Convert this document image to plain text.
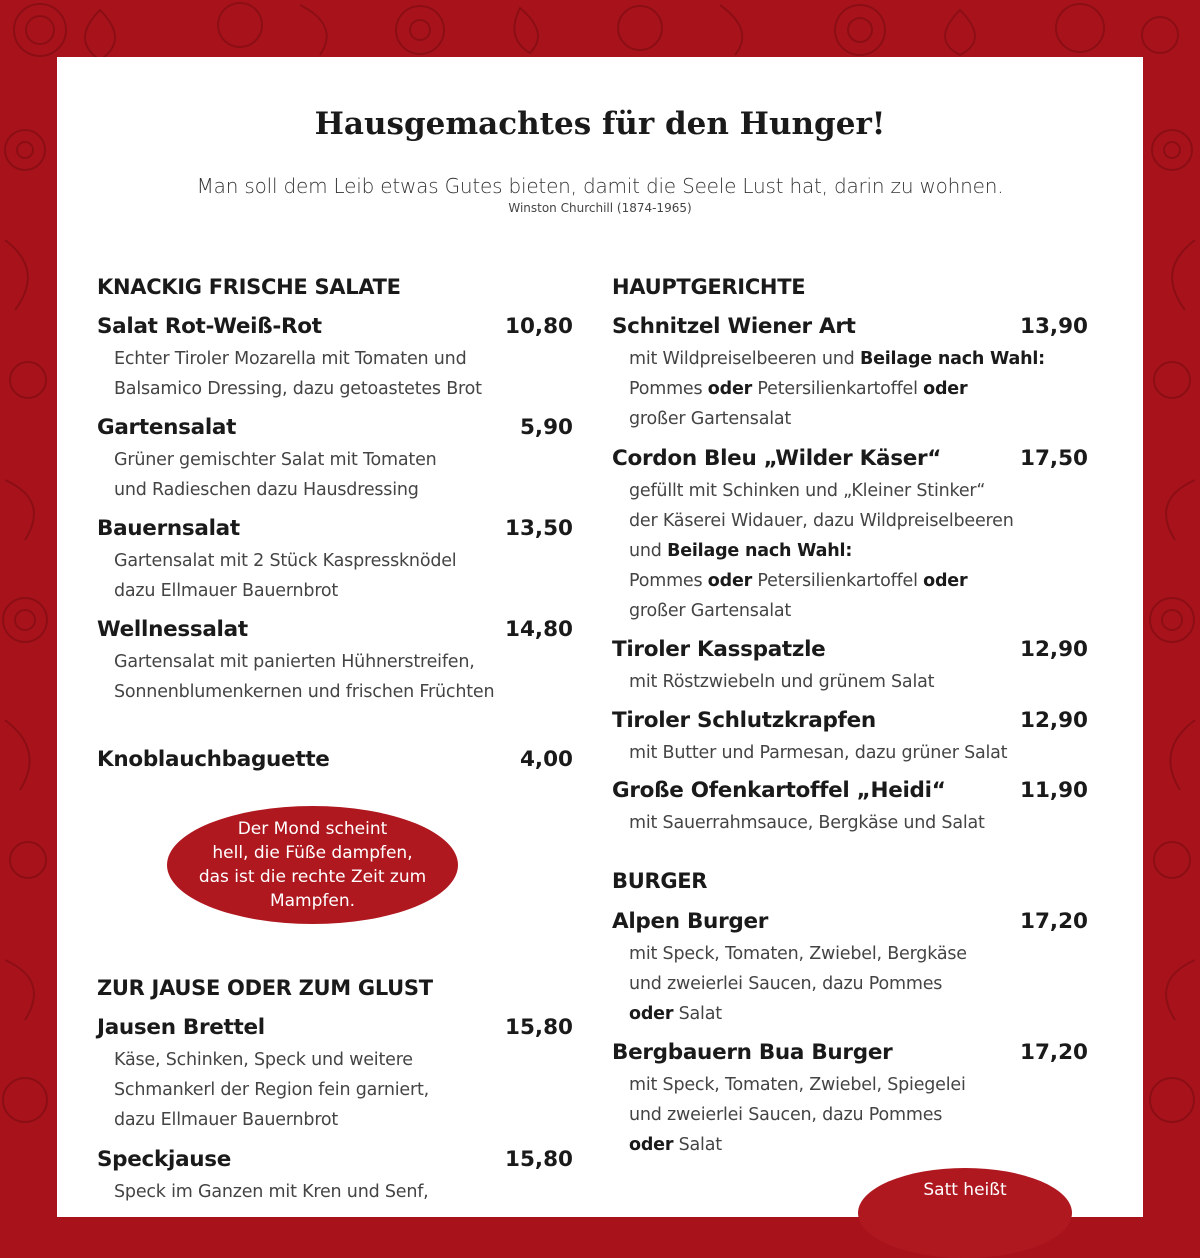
Hausgemachtes für den Hunger!
Man soll dem Leib etwas Gutes bieten, damit die Seele Lust hat, darin zu wohnen.
Winston Churchill (1874-1965)
KNACKIG FRISCHE SALATE
Salat Rot-Weiß-Rot	10,80
Echter Tiroler Mozarella mit Tomaten und
Balsamico Dressing, dazu getoastetes Brot
Gartensalat	5,90
Grüner gemischter Salat mit Tomaten
und Radieschen dazu Hausdressing
Bauernsalat	13,50
Gartensalat mit 2 Stück Kaspressknödel
dazu Ellmauer Bauernbrot
Wellnessalat	14,80
Gartensalat mit panierten Hühnerstreifen,
Sonnenblumenkernen und frischen Früchten
Knoblauchbaguette	4,00
Der Mond scheint
hell, die Füße dampfen,
das ist die rechte Zeit zum
Mampfen.
ZUR JAUSE ODER ZUM GLUST
Jausen Brettel	15,80
Käse, Schinken, Speck und weitere
Schmankerl der Region fein garniert,
dazu Ellmauer Bauernbrot
Speckjause	15,80
Speck im Ganzen mit Kren und Senf,
HAUPTGERICHTE
Schnitzel Wiener Art	13,90
mit Wildpreiselbeeren und Beilage nach Wahl:
Pommes oder Petersilienkartoffel oder
großer Gartensalat
Cordon Bleu „Wilder Käser“	17,50
gefüllt mit Schinken und „Kleiner Stinker“
der Käserei Widauer, dazu Wildpreiselbeeren
und Beilage nach Wahl:
Pommes oder Petersilienkartoffel oder
großer Gartensalat
Tiroler Kasspatzle	12,90
mit Röstzwiebeln und grünem Salat
Tiroler Schlutzkrapfen	12,90
mit Butter und Parmesan, dazu grüner Salat
Große Ofenkartoffel „Heidi“	11,90
mit Sauerrahmsauce, Bergkäse und Salat
BURGER
Alpen Burger	17,20
mit Speck, Tomaten, Zwiebel, Bergkäse
und zweierlei Saucen, dazu Pommes
oder Salat
Bergbauern Bua Burger	17,20
mit Speck, Tomaten, Zwiebel, Spiegelei
und zweierlei Saucen, dazu Pommes
oder Salat
Satt heißt
